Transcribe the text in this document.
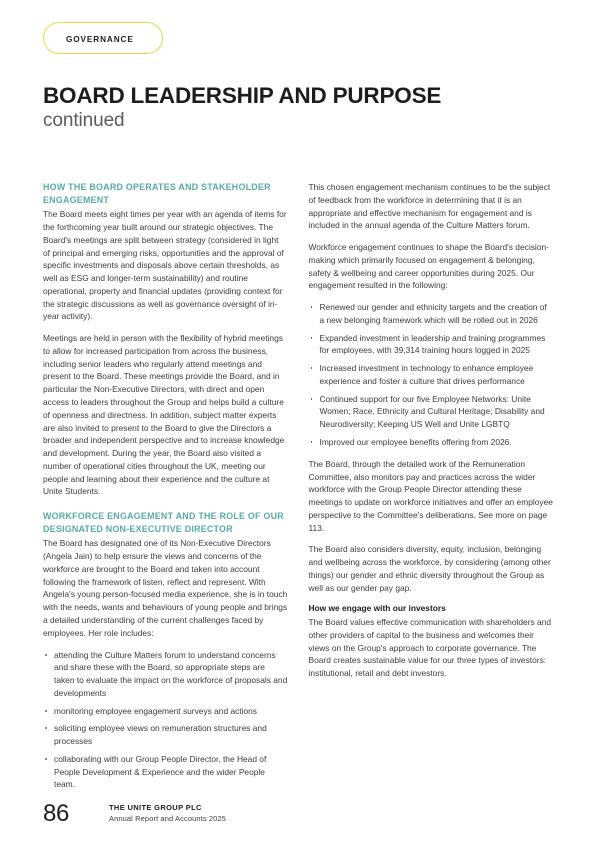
GOVERNANCE
BOARD LEADERSHIP AND PURPOSE
continued
HOW THE BOARD OPERATES AND STAKEHOLDER ENGAGEMENT

The Board meets eight times per year with an agenda of items for the forthcoming year built around our strategic objectives. The Board's meetings are split between strategy (considered in light of principal and emerging risks, opportunities and the approval of specific investments and disposals above certain thresholds, as well as ESG and longer-term sustainability) and routine operational, property and financial updates (providing context for the strategic discussions as well as governance oversight of in-year activity).

Meetings are held in person with the flexibility of hybrid meetings to allow for increased participation from across the business, including senior leaders who regularly attend meetings and present to the Board. These meetings provide the Board, and in particular the Non-Executive Directors, with direct and open access to leaders throughout the Group and helps build a culture of openness and directness. In addition, subject matter experts are also invited to present to the Board to give the Directors a broader and independent perspective and to increase knowledge and development. During the year, the Board also visited a number of operational cities throughout the UK, meeting our people and learning about their experience and the culture at Unite Students.

WORKFORCE ENGAGEMENT AND THE ROLE OF OUR DESIGNATED NON-EXECUTIVE DIRECTOR

The Board has designated one of its Non-Executive Directors (Angela Jain) to help ensure the views and concerns of the workforce are brought to the Board and taken into account following the framework of listen, reflect and represent. With Angela's young person-focused media experience, she is in touch with the needs, wants and behaviours of young people and brings a detailed understanding of the current challenges faced by employees. Her role includes:

attending the Culture Matters forum to understand concerns and share these with the Board, so appropriate steps are taken to evaluate the impact on the workforce of proposals and developments
monitoring employee engagement surveys and actions
soliciting employee views on remuneration structures and processes
collaborating with our Group People Director, the Head of People Development & Experience and the wider People team.

This chosen engagement mechanism continues to be the subject of feedback from the workforce in determining that it is an appropriate and effective mechanism for engagement and is included in the annual agenda of the Culture Matters forum.

Workforce engagement continues to shape the Board's decision-making which primarily focused on engagement & belonging, safety & wellbeing and career opportunities during 2025. Our engagement resulted in the following:

Renewed our gender and ethnicity targets and the creation of a new belonging framework which will be rolled out in 2026
Expanded investment in leadership and training programmes for employees, with 39,314 training hours logged in 2025
Increased investment in technology to enhance employee experience and foster a culture that drives performance
Continued support for our five Employee Networks: Unite Women; Race, Ethnicity and Cultural Heritage; Disability and Neurodiversity; Keeping US Well and Unite LGBTQ
Improved our employee benefits offering from 2026.

The Board, through the detailed work of the Remuneration Committee, also monitors pay and practices across the wider workforce with the Group People Director attending these meetings to update on workforce initiatives and offer an employee perspective to the Committee's deliberations. See more on page 113.

The Board also considers diversity, equity, inclusion, belonging and wellbeing across the workforce, by considering (among other things) our gender and ethnic diversity throughout the Group as well as our gender pay gap.

How we engage with our investors

The Board values effective communication with shareholders and other providers of capital to the business and welcomes their views on the Group's approach to corporate governance. The Board creates sustainable value for our three types of investors: institutional, retail and debt investors.

86	THE UNITE GROUP PLC
Annual Report and Accounts 2025
